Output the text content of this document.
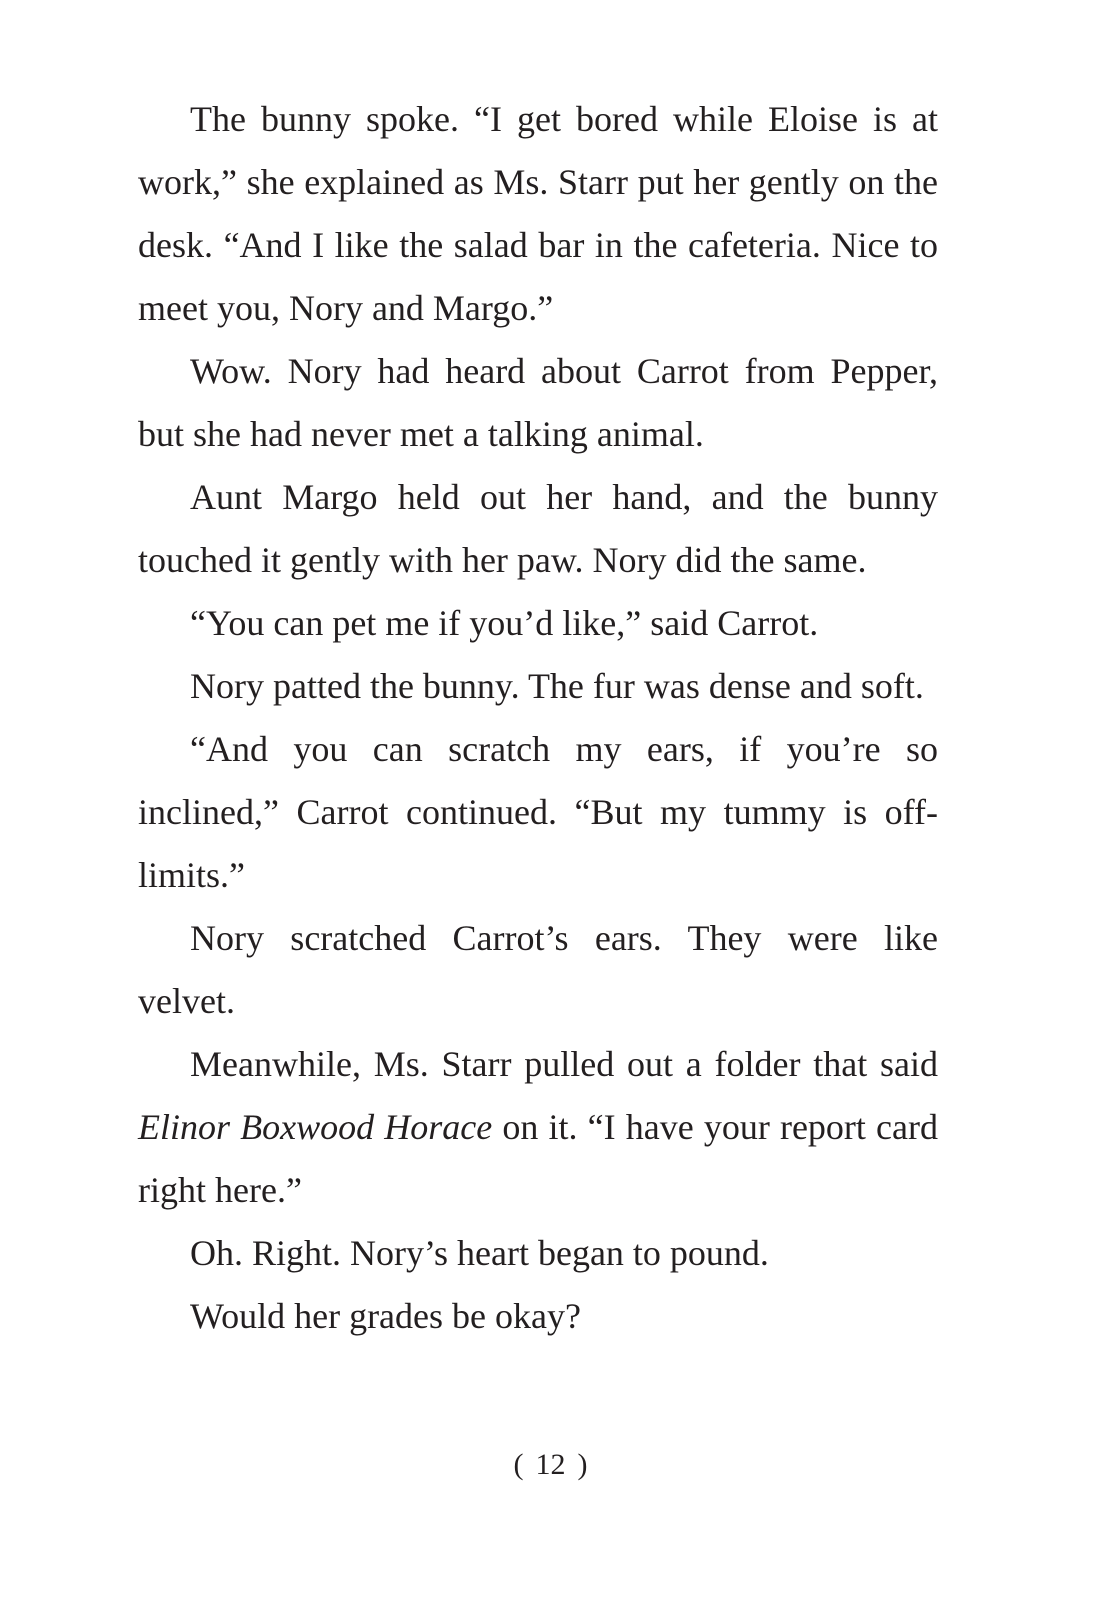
The bunny spoke. “I get bored while Eloise is at work,” she explained as Ms. Starr put her gently on the desk. “And I like the salad bar in the cafeteria. Nice to meet you, Nory and Margo.”

Wow. Nory had heard about Carrot from Pepper, but she had never met a talking animal.

Aunt Margo held out her hand, and the bunny touched it gently with her paw. Nory did the same.

“You can pet me if you’d like,” said Carrot.

Nory patted the bunny. The fur was dense and soft.

“And you can scratch my ears, if you’re so inclined,” Carrot continued. “But my tummy is off-limits.”

Nory scratched Carrot’s ears. They were like velvet.

Meanwhile, Ms. Starr pulled out a folder that said Elinor Boxwood Horace on it. “I have your report card right here.”

Oh. Right. Nory’s heart began to pound.

Would her grades be okay?

( 12 )
